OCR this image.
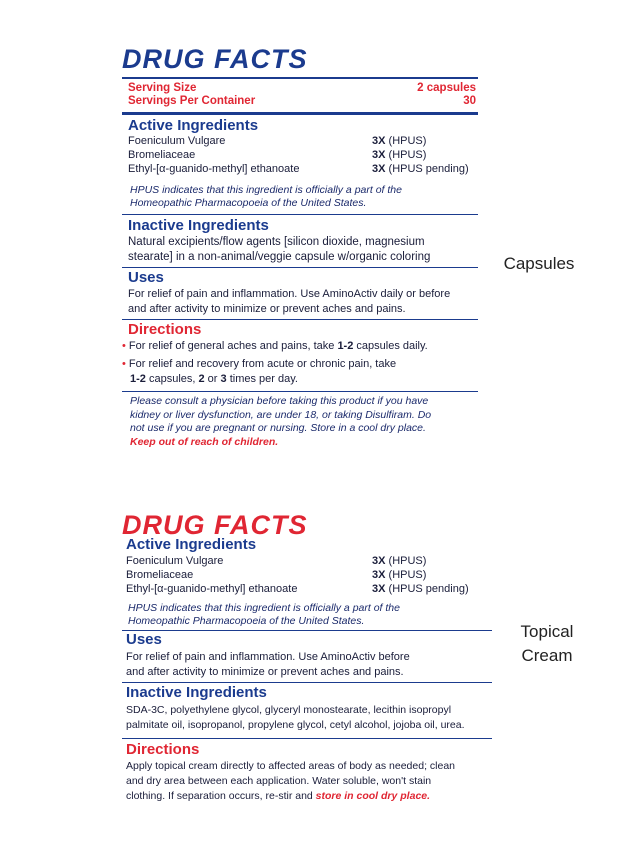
DRUG FACTS
Serving Size	2 capsules
Servings Per Container	30
Active Ingredients
Foeniculum Vulgare	3X (HPUS)
Bromeliaceae	3X (HPUS)
Ethyl-[α-guanido-methyl] ethanoate	3X (HPUS pending)
HPUS indicates that this ingredient is officially a part of the
Homeopathic Pharmacopoeia of the United States.
Inactive Ingredients
Natural excipients/flow agents [silicon dioxide, magnesium
stearate] in a non-animal/veggie capsule w/organic coloring
Uses
For relief of pain and inflammation. Use AminoActiv daily or before
and after activity to minimize or prevent aches and pains.
Directions
• For relief of general aches and pains, take 1-2 capsules daily.
• For relief and recovery from acute or chronic pain, take
1-2 capsules, 2 or 3 times per day.
Please consult a physician before taking this product if you have
kidney or liver dysfunction, are under 18, or taking Disulfiram. Do
not use if you are pregnant or nursing. Store in a cool dry place.
Keep out of reach of children.
Capsules
DRUG FACTS
Active Ingredients
Foeniculum Vulgare	3X (HPUS)
Bromeliaceae	3X (HPUS)
Ethyl-[α-guanido-methyl] ethanoate	3X (HPUS pending)
HPUS indicates that this ingredient is officially a part of the
Homeopathic Pharmacopoeia of the United States.
Uses
For relief of pain and inflammation. Use AminoActiv before
and after activity to minimize or prevent aches and pains.
Inactive Ingredients
SDA-3C, polyethylene glycol, glyceryl monostearate, lecithin isopropyl
palmitate oil, isopropanol, propylene glycol, cetyl alcohol, jojoba oil, urea.
Directions
Apply topical cream directly to affected areas of body as needed; clean
and dry area between each application. Water soluble, won't stain
clothing. If separation occurs, re-stir and store in cool dry place.
Topical
Cream
